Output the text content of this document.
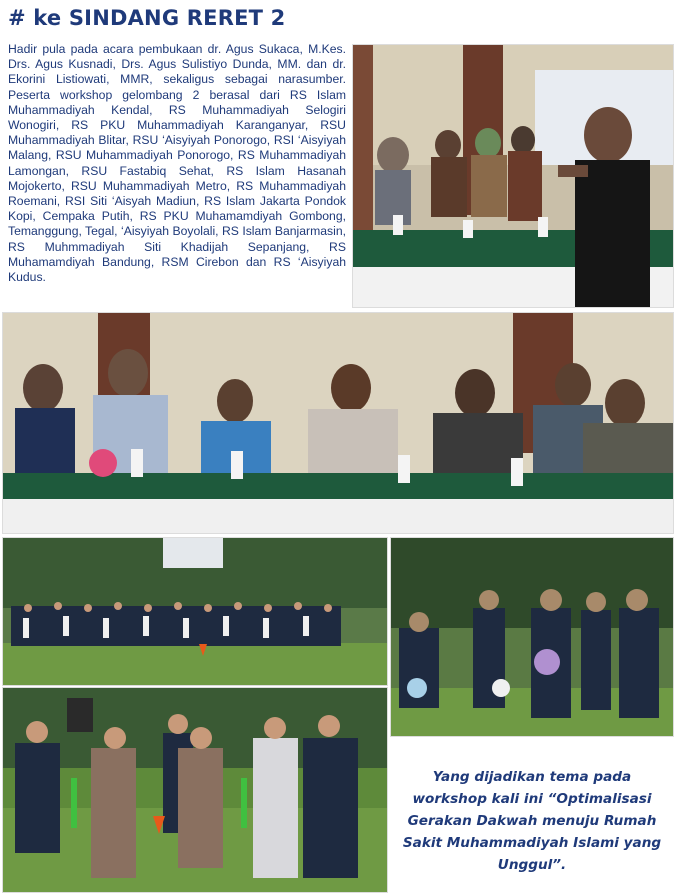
# ke SINDANG RERET 2
Hadir pula pada acara pembukaan dr. Agus Sukaca, M.Kes. Drs. Agus Kusnadi, Drs. Agus Sulistiyo Dunda, MM. dan dr. Ekorini Listiowati, MMR, sekaligus sebagai narasumber. Peserta workshop gelombang 2 berasal dari RS Islam Muhammadiyah Kendal, RS Muhammadiyah Selogiri Wonogiri, RS PKU Muhammadiyah Karanganyar, RSU Muhammadiyah Blitar, RSU ‘Aisyiyah Ponorogo, RSI ‘Aisyiyah Malang, RSU Muhammadiyah Ponorogo, RS Muhammadiyah Lamongan, RSU Fastabiq Sehat, RS Islam Hasanah Mojokerto, RSU Muhammadiyah Metro, RS Muhammadiyah Roemani, RSI Siti ‘Aisyah Madiun, RS Islam Jakarta Pondok Kopi, Cempaka Putih, RS PKU Muhamamdiyah Gombong, Temanggung, Tegal, ‘Aisyiyah Boyolali, RS Islam Banjarmasin, RS Muhmmadiyah Siti Khadijah Sepanjang, RS Muhamamdiyah Bandung, RSM Cirebon dan RS ‘Aisyiyah Kudus.
Yang dijadikan tema pada workshop kali ini “Optimalisasi Gerakan Dakwah menuju Rumah Sakit Muhammadiyah Islami yang Unggul”.
